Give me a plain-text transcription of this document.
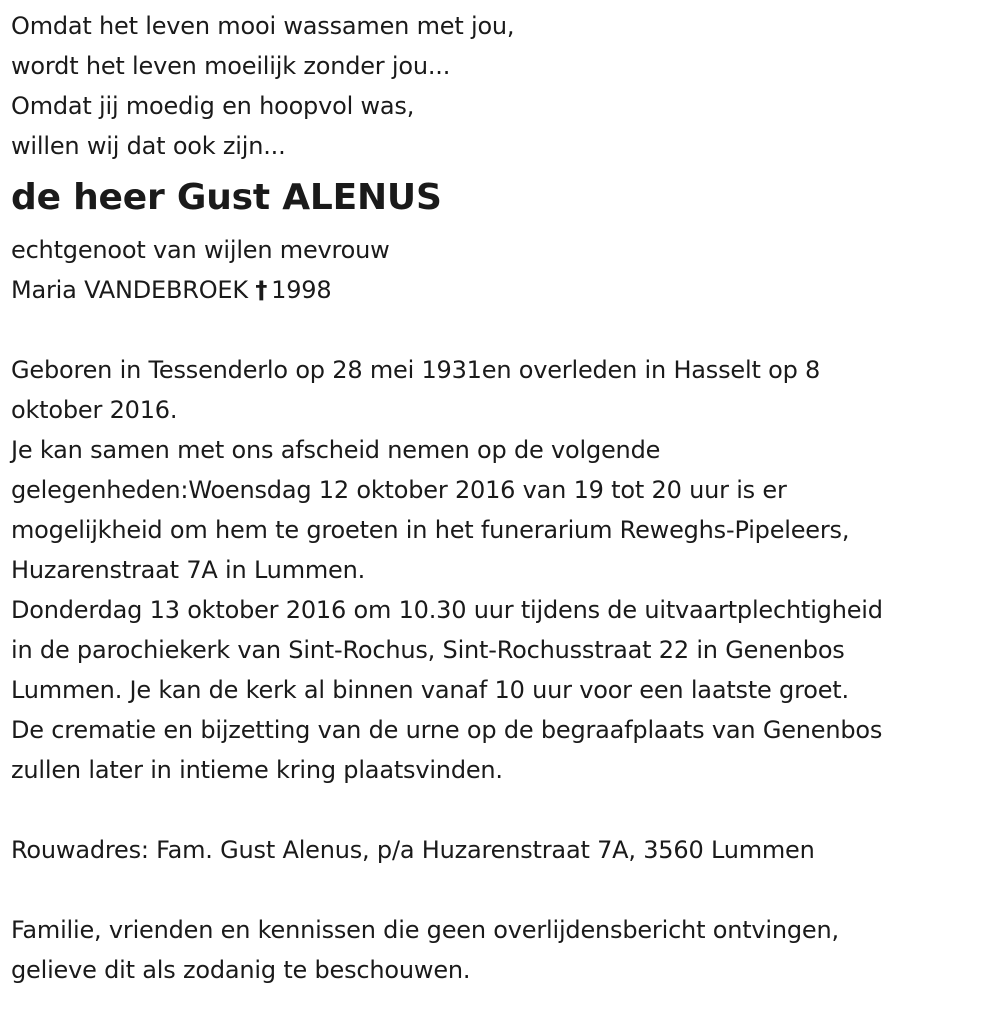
Omdat het leven mooi wassamen met jou,
wordt het leven moeilijk zonder jou...
Omdat jij moedig en hoopvol was,
willen wij dat ook zijn...
de heer Gust ALENUS
echtgenoot van wijlen mevrouw
Maria VANDEBROEK † 1998
Geboren in Tessenderlo op 28 mei 1931en overleden in Hasselt op 8
oktober 2016.
Je kan samen met ons afscheid nemen op de volgende
gelegenheden:Woensdag 12 oktober 2016 van 19 tot 20 uur is er
mogelijkheid om hem te groeten in het funerarium Reweghs-Pipeleers,
Huzarenstraat 7A in Lummen.
Donderdag 13 oktober 2016 om 10.30 uur tijdens de uitvaartplechtigheid
in de parochiekerk van Sint-Rochus, Sint-Rochusstraat 22 in Genenbos
Lummen. Je kan de kerk al binnen vanaf 10 uur voor een laatste groet.
De crematie en bijzetting van de urne op de begraafplaats van Genenbos
zullen later in intieme kring plaatsvinden.
Rouwadres: Fam. Gust Alenus, p/a Huzarenstraat 7A, 3560 Lummen
Familie, vrienden en kennissen die geen overlijdensbericht ontvingen,
gelieve dit als zodanig te beschouwen.
